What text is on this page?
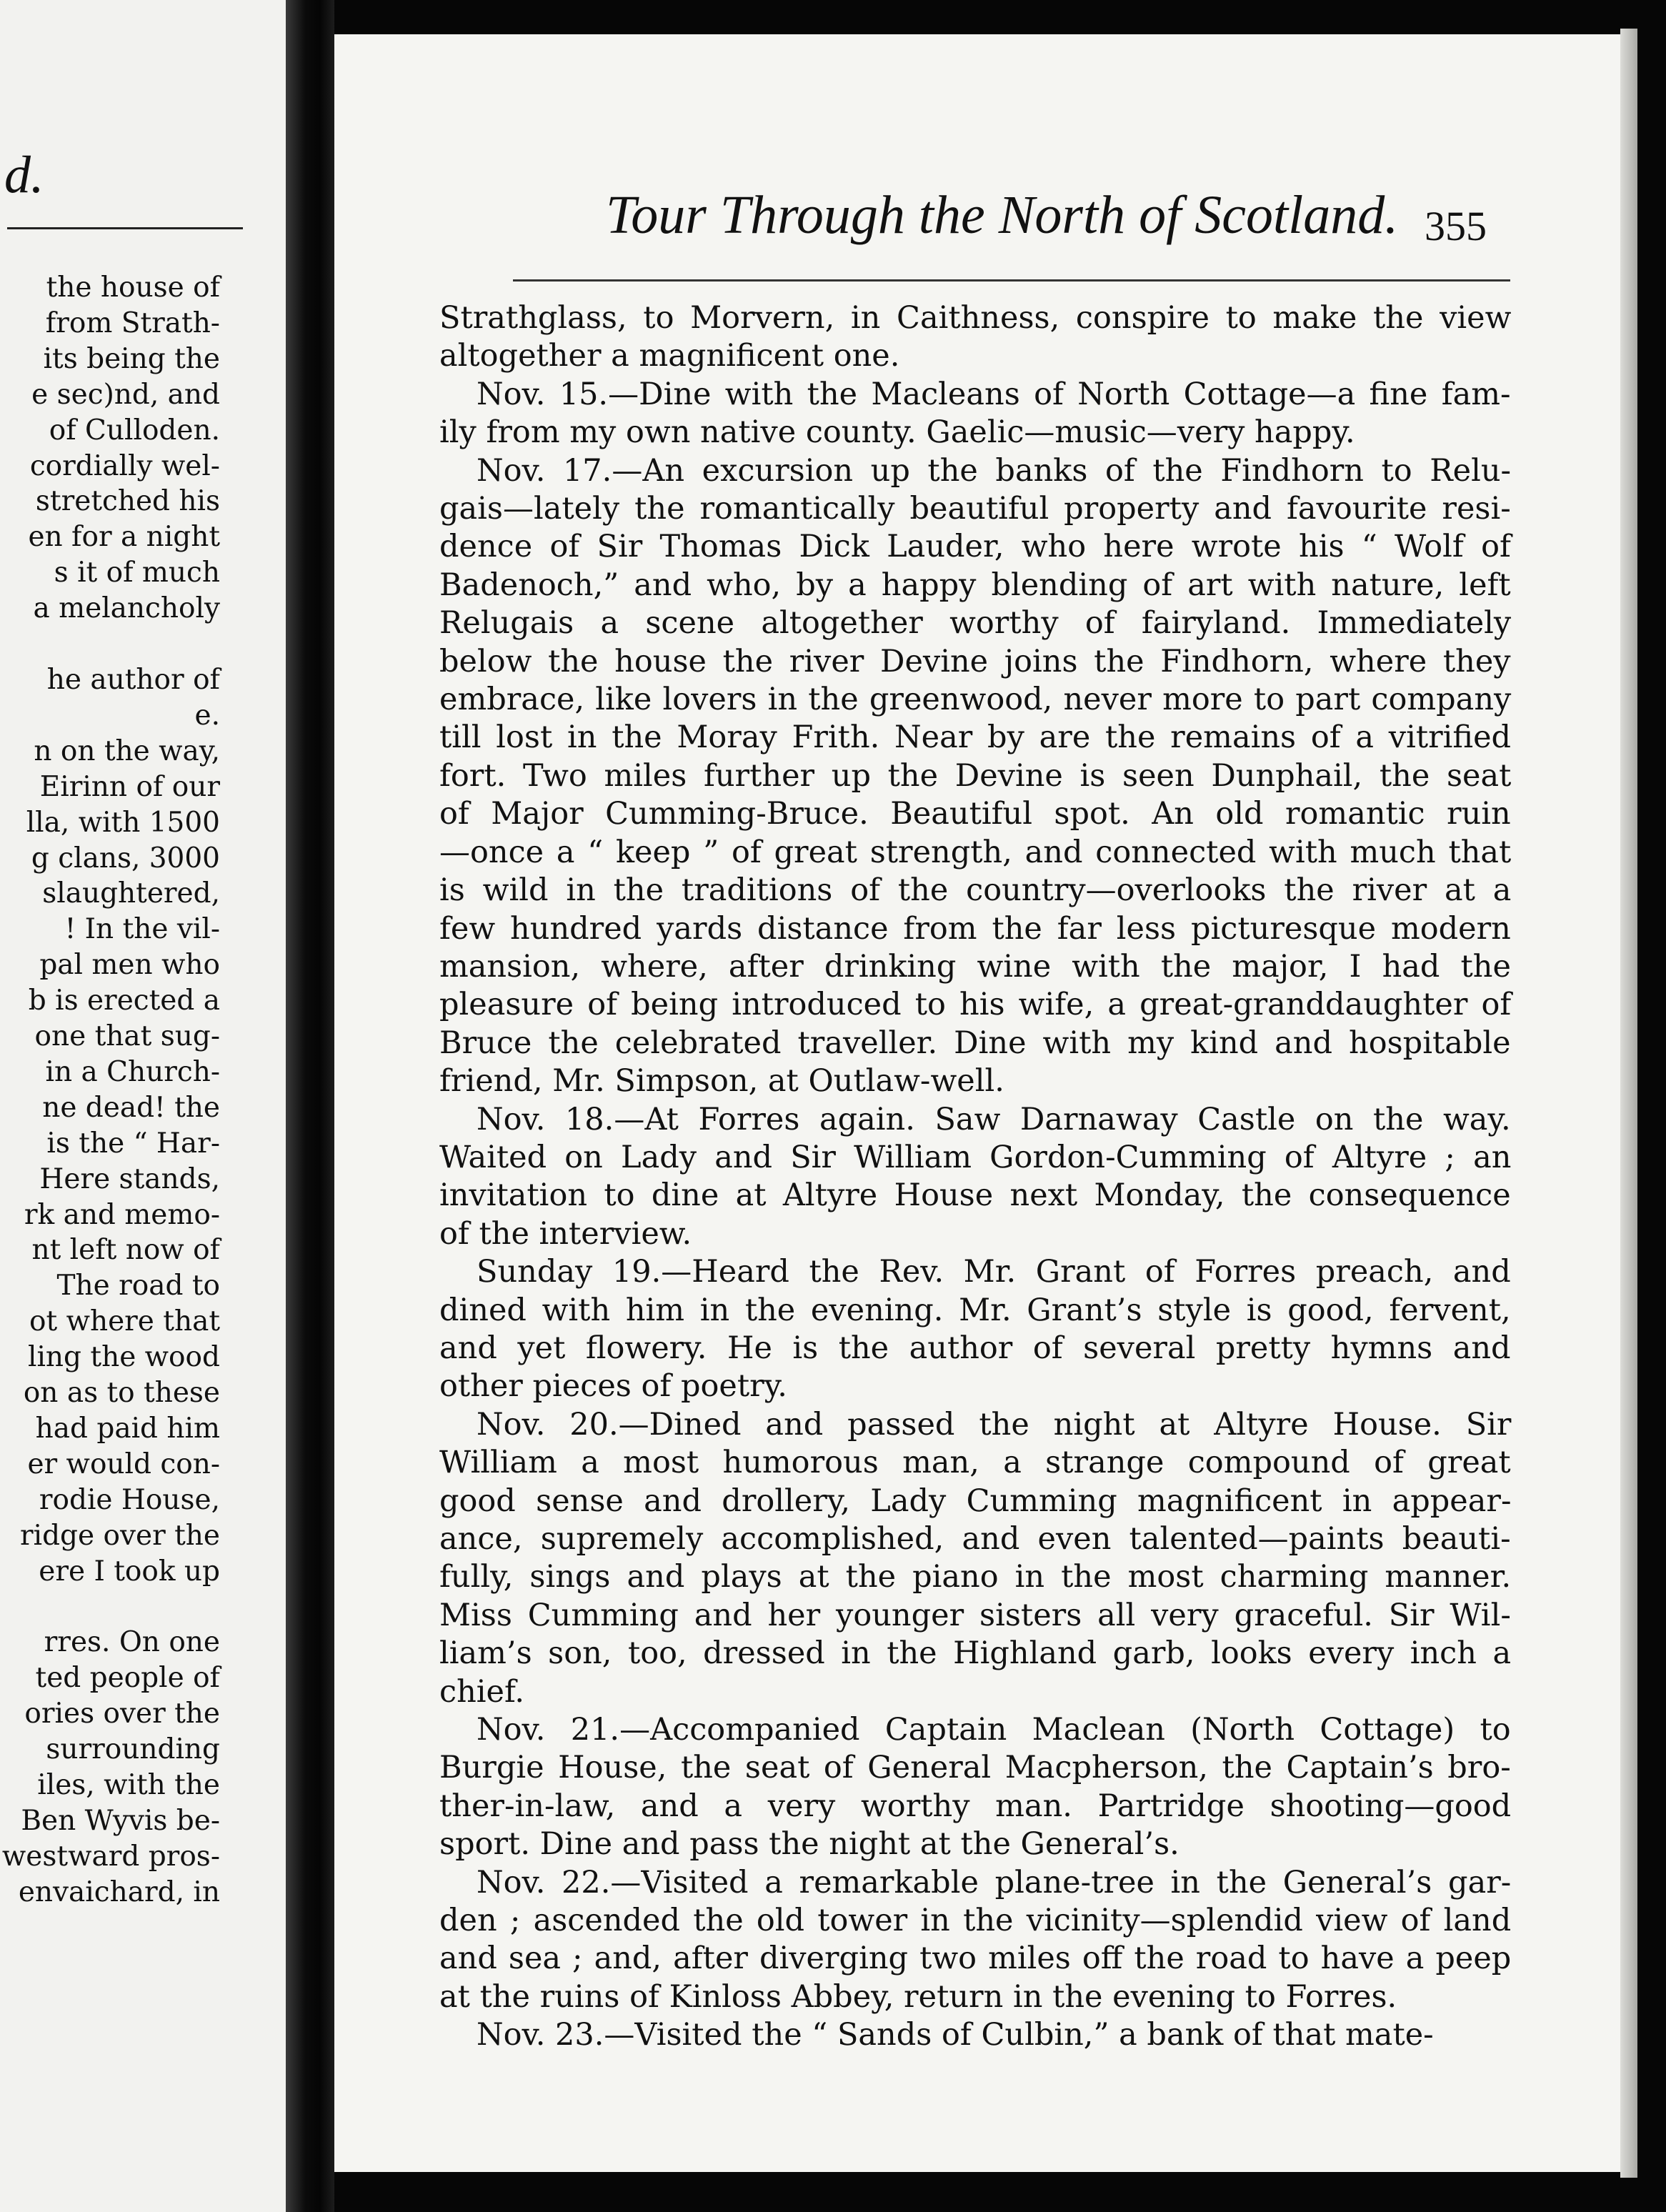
d.
the house of
from Strath-
its being the
e sec)nd, and
of Culloden.
cordially wel-
stretched his
en for a night
s it of much
a melancholy

he author of
e.
n on the way,
Eirinn of our
lla, with 1500
g clans, 3000
slaughtered,
! In the vil-
pal men who
b is erected a
one that sug-
in a Church-
ne dead! the
is the “ Har-
Here stands,
rk and memo-
nt left now of
The road to
ot where that
ling the wood
on as to these
had paid him
er would con-
rodie House,
ridge over the
ere I took up

rres. On one
ted people of
ories over the
surrounding
iles, with the
Ben Wyvis be-
westward pros-
envaichard, in
Tour Through the North of Scotland. 355
Strathglass, to Morvern, in Caithness, conspire to make the view
altogether a magnificent one.
Nov. 15.—Dine with the Macleans of North Cottage—a fine fam-
ily from my own native county. Gaelic—music—very happy.
Nov. 17.—An excursion up the banks of the Findhorn to Relu-
gais—lately the romantically beautiful property and favourite resi-
dence of Sir Thomas Dick Lauder, who here wrote his “ Wolf of
Badenoch,” and who, by a happy blending of art with nature, left
Relugais a scene altogether worthy of fairyland. Immediately
below the house the river Devine joins the Findhorn, where they
embrace, like lovers in the greenwood, never more to part company
till lost in the Moray Frith. Near by are the remains of a vitrified
fort. Two miles further up the Devine is seen Dunphail, the seat
of Major Cumming-Bruce. Beautiful spot. An old romantic ruin
—once a “ keep ” of great strength, and connected with much that
is wild in the traditions of the country—overlooks the river at a
few hundred yards distance from the far less picturesque modern
mansion, where, after drinking wine with the major, I had the
pleasure of being introduced to his wife, a great-granddaughter of
Bruce the celebrated traveller. Dine with my kind and hospitable
friend, Mr. Simpson, at Outlaw-well.
Nov. 18.—At Forres again. Saw Darnaway Castle on the way.
Waited on Lady and Sir William Gordon-Cumming of Altyre ; an
invitation to dine at Altyre House next Monday, the consequence
of the interview.
Sunday 19.—Heard the Rev. Mr. Grant of Forres preach, and
dined with him in the evening. Mr. Grant’s style is good, fervent,
and yet flowery. He is the author of several pretty hymns and
other pieces of poetry.
Nov. 20.—Dined and passed the night at Altyre House. Sir
William a most humorous man, a strange compound of great
good sense and drollery, Lady Cumming magnificent in appear-
ance, supremely accomplished, and even talented—paints beauti-
fully, sings and plays at the piano in the most charming manner.
Miss Cumming and her younger sisters all very graceful. Sir Wil-
liam’s son, too, dressed in the Highland garb, looks every inch a
chief.
Nov. 21.—Accompanied Captain Maclean (North Cottage) to
Burgie House, the seat of General Macpherson, the Captain’s bro-
ther-in-law, and a very worthy man. Partridge shooting—good
sport. Dine and pass the night at the General’s.
Nov. 22.—Visited a remarkable plane-tree in the General’s gar-
den ; ascended the old tower in the vicinity—splendid view of land
and sea ; and, after diverging two miles off the road to have a peep
at the ruins of Kinloss Abbey, return in the evening to Forres.
Nov. 23.—Visited the “ Sands of Culbin,” a bank of that mate-
